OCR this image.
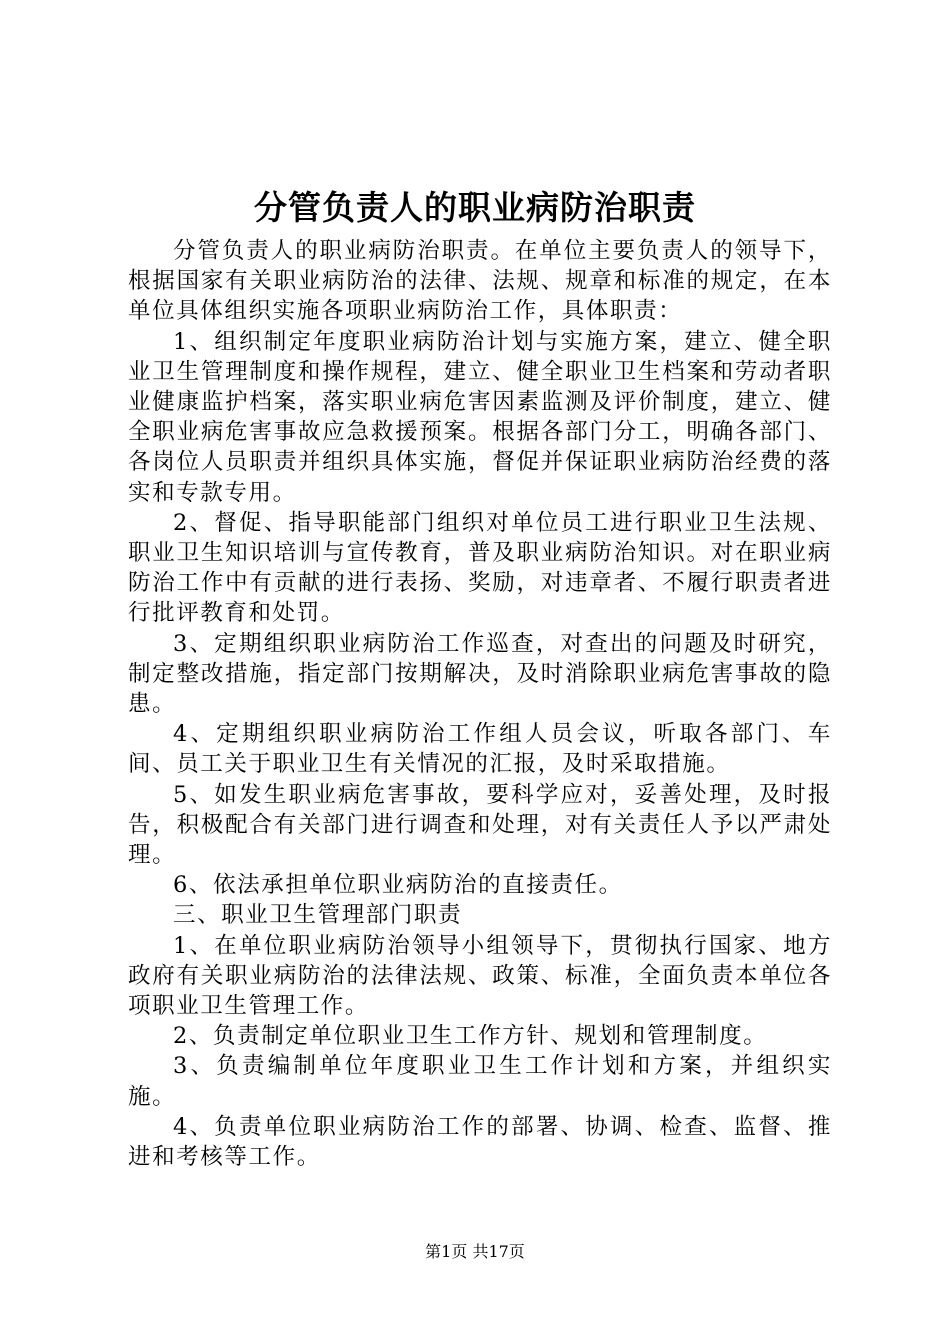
分管负责人的职业病防治职责

分管负责人的职业病防治职责。在单位主要负责人的领导下，根据国家有关职业病防治的法律、法规、规章和标准的规定，在本单位具体组织实施各项职业病防治工作，具体职责：

1、组织制定年度职业病防治计划与实施方案，建立、健全职业卫生管理制度和操作规程，建立、健全职业卫生档案和劳动者职业健康监护档案，落实职业病危害因素监测及评价制度，建立、健全职业病危害事故应急救援预案。根据各部门分工，明确各部门、各岗位人员职责并组织具体实施，督促并保证职业病防治经费的落实和专款专用。

2、督促、指导职能部门组织对单位员工进行职业卫生法规、职业卫生知识培训与宣传教育，普及职业病防治知识。对在职业病防治工作中有贡献的进行表扬、奖励，对违章者、不履行职责者进行批评教育和处罚。

3、定期组织职业病防治工作巡查，对查出的问题及时研究，制定整改措施，指定部门按期解决，及时消除职业病危害事故的隐患。

4、定期组织职业病防治工作组人员会议，听取各部门、车间、员工关于职业卫生有关情况的汇报，及时采取措施。

5、如发生职业病危害事故，要科学应对，妥善处理，及时报告，积极配合有关部门进行调查和处理，对有关责任人予以严肃处理。

6、依法承担单位职业病防治的直接责任。

三、职业卫生管理部门职责

1、在单位职业病防治领导小组领导下，贯彻执行国家、地方政府有关职业病防治的法律法规、政策、标准，全面负责本单位各项职业卫生管理工作。

2、负责制定单位职业卫生工作方针、规划和管理制度。

3、负责编制单位年度职业卫生工作计划和方案，并组织实施。

4、负责单位职业病防治工作的部署、协调、检查、监督、推进和考核等工作。

第1页 共17页
